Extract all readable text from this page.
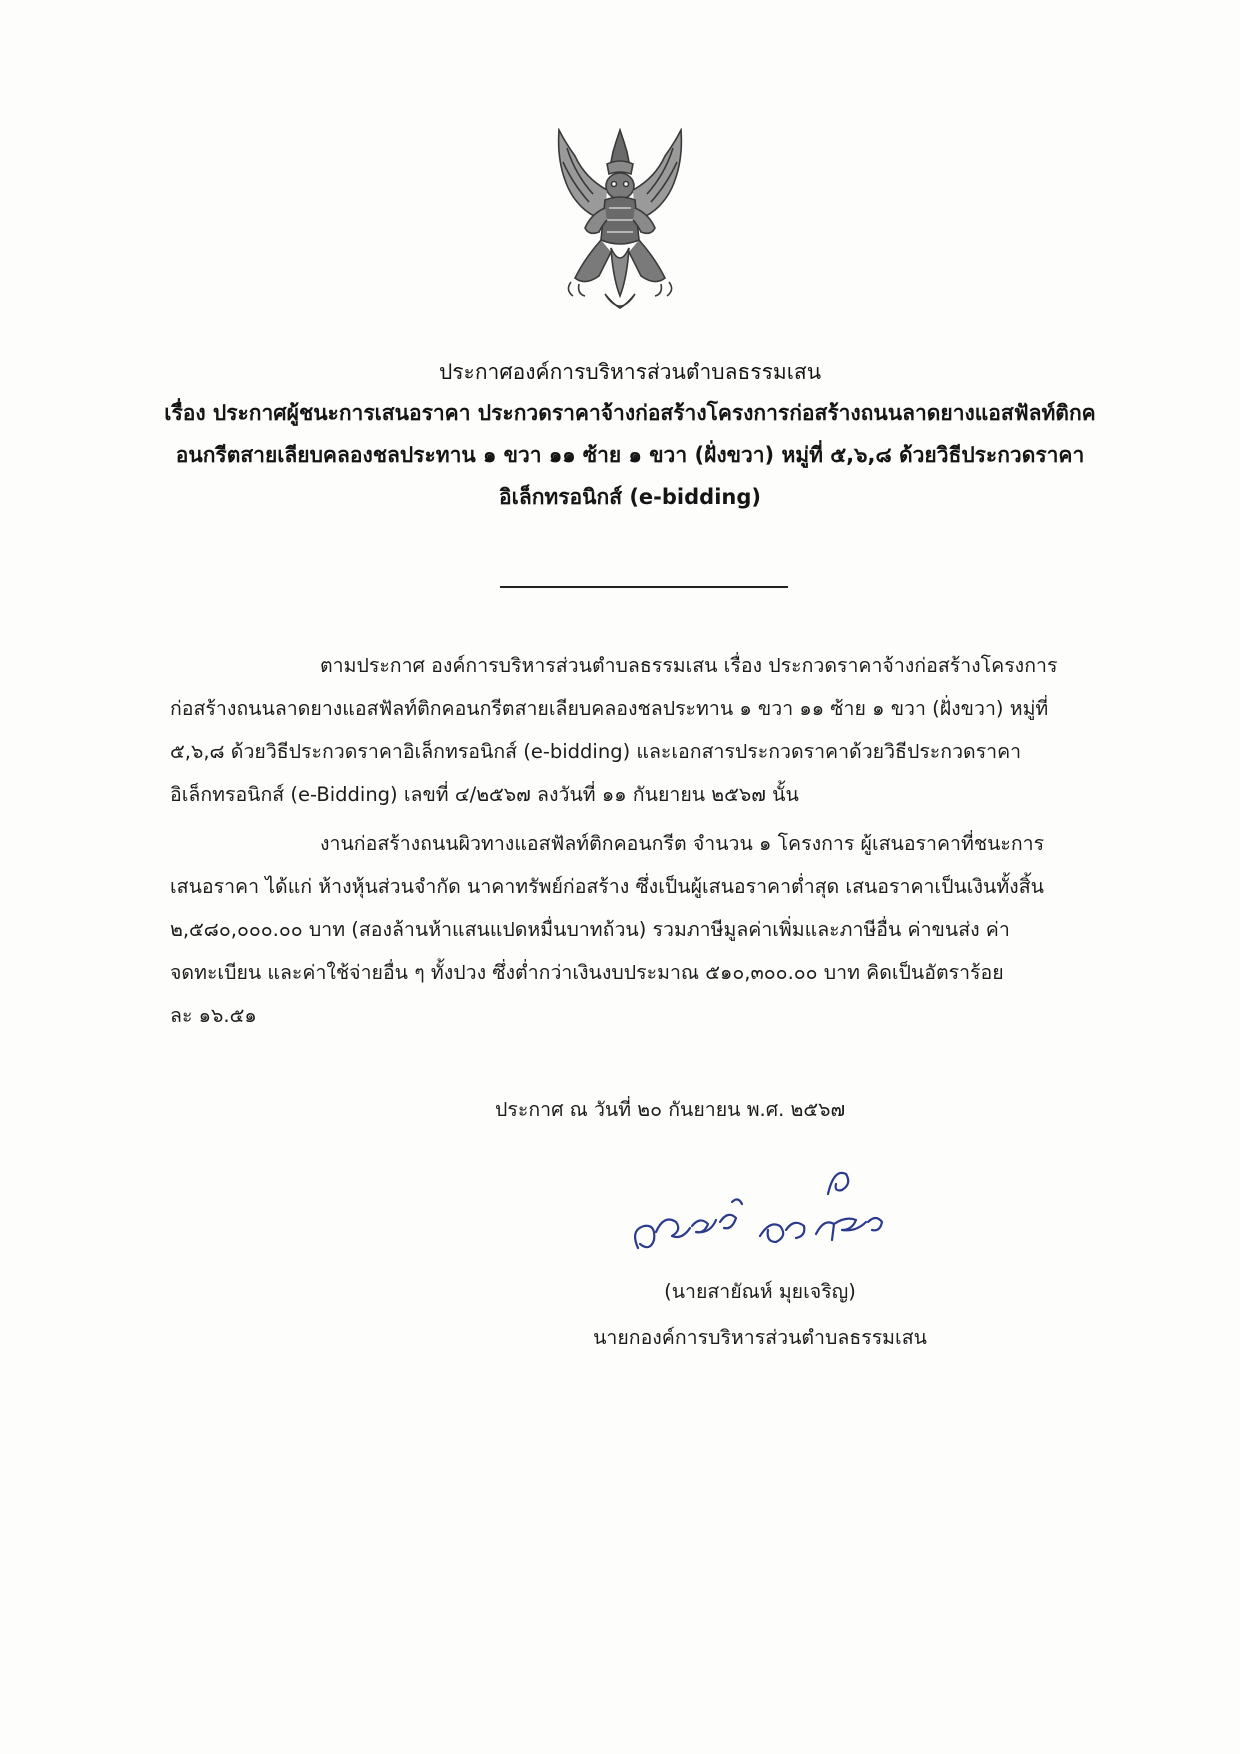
ประกาศองค์การบริหารส่วนตำบลธรรมเสน
เรื่อง ประกาศผู้ชนะการเสนอราคา ประกวดราคาจ้างก่อสร้างโครงการก่อสร้างถนนลาดยางแอสฟัลท์ติกค
อนกรีตสายเลียบคลองชลประทาน ๑ ขวา ๑๑ ซ้าย ๑ ขวา (ฝั่งขวา) หมู่ที่ ๕,๖,๘ ด้วยวิธีประกวดราคา
อิเล็กทรอนิกส์ (e-bidding)
ตามประกาศ องค์การบริหารส่วนตำบลธรรมเสน เรื่อง ประกวดราคาจ้างก่อสร้างโครงการ
ก่อสร้างถนนลาดยางแอสฟัลท์ติกคอนกรีตสายเลียบคลองชลประทาน ๑ ขวา ๑๑ ซ้าย ๑ ขวา (ฝั่งขวา) หมู่ที่
๕,๖,๘ ด้วยวิธีประกวดราคาอิเล็กทรอนิกส์ (e-bidding) และเอกสารประกวดราคาด้วยวิธีประกวดราคา
อิเล็กทรอนิกส์ (e-Bidding) เลขที่ ๔/๒๕๖๗ ลงวันที่ ๑๑ กันยายน ๒๕๖๗ นั้น
งานก่อสร้างถนนผิวทางแอสฟัลท์ติกคอนกรีต จำนวน ๑ โครงการ ผู้เสนอราคาที่ชนะการ
เสนอราคา ได้แก่ ห้างหุ้นส่วนจำกัด นาคาทรัพย์ก่อสร้าง ซึ่งเป็นผู้เสนอราคาต่ำสุด เสนอราคาเป็นเงินทั้งสิ้น
๒,๕๘๐,๐๐๐.๐๐ บาท (สองล้านห้าแสนแปดหมื่นบาทถ้วน) รวมภาษีมูลค่าเพิ่มและภาษีอื่น ค่าขนส่ง ค่า
จดทะเบียน และค่าใช้จ่ายอื่น ๆ ทั้งปวง ซึ่งต่ำกว่าเงินงบประมาณ ๕๑๐,๓๐๐.๐๐ บาท คิดเป็นอัตราร้อย
ละ ๑๖.๕๑
ประกาศ ณ วันที่ ๒๐ กันยายน พ.ศ. ๒๕๖๗
(นายสายัณห์ มุยเจริญ)
นายกองค์การบริหารส่วนตำบลธรรมเสน
